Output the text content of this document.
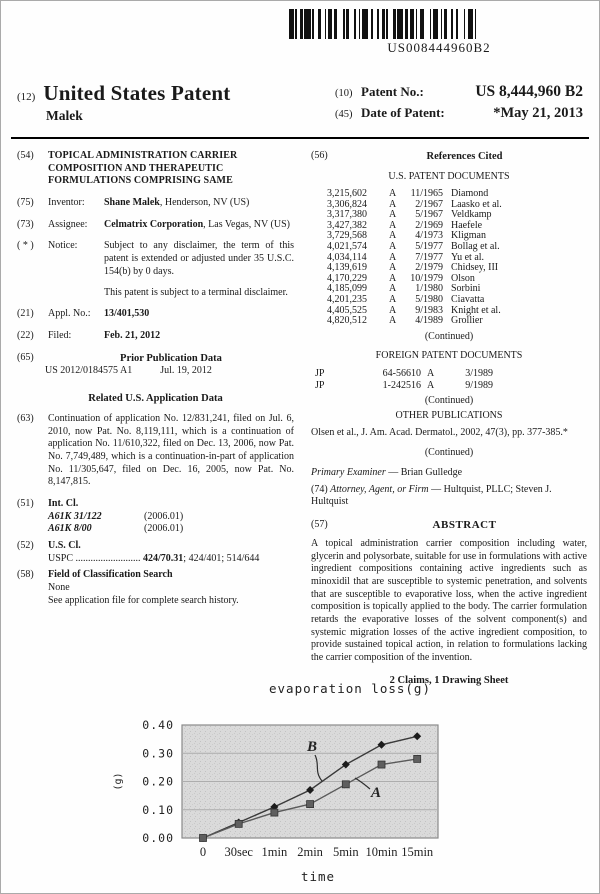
US008444960B2
(12) United States Patent
Malek
(10) Patent No.:	US 8,444,960 B2
(45) Date of Patent:	*May 21, 2013
(54)	TOPICAL ADMINISTRATION CARRIER COMPOSITION AND THERAPEUTIC FORMULATIONS COMPRISING SAME
(75)	Inventor: Shane Malek, Henderson, NV (US)
(73)	Assignee: Celmatrix Corporation, Las Vegas, NV (US)
( * )	Notice:	Subject to any disclaimer, the term of this patent is extended or adjusted under 35 U.S.C. 154(b) by 0 days.
This patent is subject to a terminal disclaimer.
(21)	Appl. No.: 13/401,530
(22)	Filed:	Feb. 21, 2012
(65)	Prior Publication Data
US 2012/0184575 A1	Jul. 19, 2012
Related U.S. Application Data
(63)	Continuation of application No. 12/831,241, filed on Jul. 6, 2010, now Pat. No. 8,119,111, which is a continuation of application No. 11/610,322, filed on Dec. 13, 2006, now Pat. No. 7,749,489, which is a continuation-in-part of application No. 11/305,647, filed on Dec. 16, 2005, now Pat. No. 8,147,815.
(51)	Int. Cl.
A61K 31/122	(2006.01)
A61K 8/00	(2006.01)
(52)	U.S. Cl.
USPC .......................... 424/70.31; 424/401; 514/644
(58)	Field of Classification Search
None
See application file for complete search history.
(56)	References Cited
U.S. PATENT DOCUMENTS
3,215,602	A	11/1965 Diamond
3,306,824	A	2/1967 Laasko et al.
3,317,380	A	5/1967 Veldkamp
3,427,382	A	2/1969 Haefele
3,729,568	A	4/1973 Kligman
4,021,574	A	5/1977 Bollag et al.
4,034,114	A	7/1977 Yu et al.
4,139,619	A	2/1979 Chidsey, III
4,170,229	A	10/1979 Olson
4,185,099	A	1/1980 Sorbini
4,201,235	A	5/1980 Ciavatta
4,405,525	A	9/1983 Knight et al.
4,820,512	A	4/1989 Grollier
(Continued)
FOREIGN PATENT DOCUMENTS
JP	64-56610 A	3/1989
JP	1-242516 A	9/1989
(Continued)
OTHER PUBLICATIONS
Olsen et al., J. Am. Acad. Dermatol., 2002, 47(3), pp. 377-385.*
(Continued)
Primary Examiner — Brian Gulledge
(74) Attorney, Agent, or Firm — Hultquist, PLLC; Steven J. Hultquist
(57)	ABSTRACT
A topical administration carrier composition including water, glycerin and polysorbate, suitable for use in formulations with active ingredient compositions containing active ingredients such as minoxidil that are susceptible to systemic penetration, and solvents that are susceptible to evaporative loss, when the active ingredient composition is topically applied to the body. The carrier formulation retards the evaporative losses of the solvent component(s) and systemic migration losses of the active ingredient composition, to provide sustained topical action, in relation to formulations lacking the carrier composition of the invention.
2 Claims, 1 Drawing Sheet
evaporation loss(g)
0.00
0.10
0.20
0.30
0.40
(g)
0 30sec 1min 2min 5min 10min 15min
time
B
A
